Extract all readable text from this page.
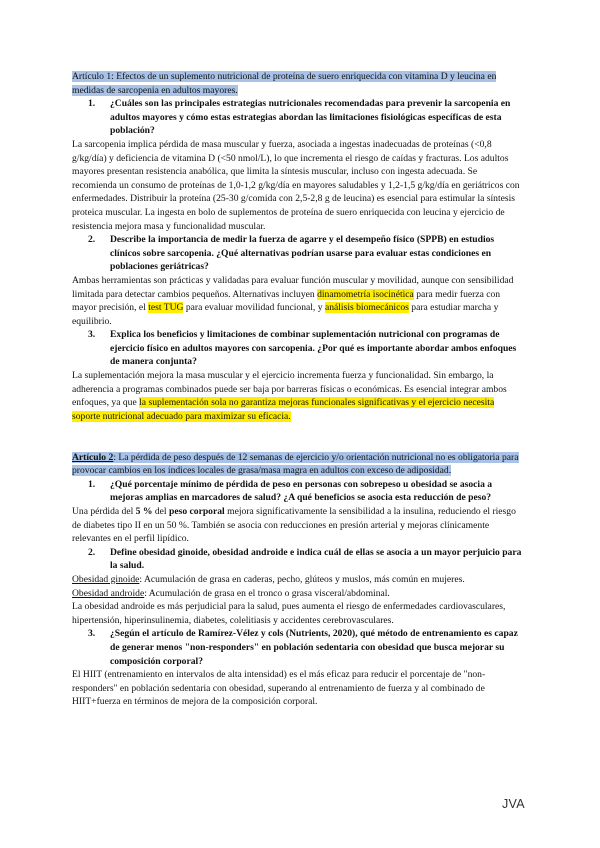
Artículo 1: Efectos de un suplemento nutricional de proteína de suero enriquecida con vitamina D y leucina en medidas de sarcopenia en adultos mayores.

1.	¿Cuáles son las principales estrategias nutricionales recomendadas para prevenir la sarcopenia en adultos mayores y cómo estas estrategias abordan las limitaciones fisiológicas específicas de esta población?

La sarcopenia implica pérdida de masa muscular y fuerza, asociada a ingestas inadecuadas de proteínas (<0,8 g/kg/día) y deficiencia de vitamina D (<50 nmol/L), lo que incrementa el riesgo de caídas y fracturas. Los adultos mayores presentan resistencia anabólica, que limita la síntesis muscular, incluso con ingesta adecuada. Se recomienda un consumo de proteínas de 1,0-1,2 g/kg/día en mayores saludables y 1,2-1,5 g/kg/día en geriátricos con enfermedades. Distribuir la proteína (25-30 g/comida con 2,5-2,8 g de leucina) es esencial para estimular la síntesis proteica muscular. La ingesta en bolo de suplementos de proteína de suero enriquecida con leucina y ejercicio de resistencia mejora masa y funcionalidad muscular.

2.	Describe la importancia de medir la fuerza de agarre y el desempeño físico (SPPB) en estudios clínicos sobre sarcopenia. ¿Qué alternativas podrían usarse para evaluar estas condiciones en poblaciones geriátricas?

Ambas herramientas son prácticas y validadas para evaluar función muscular y movilidad, aunque con sensibilidad limitada para detectar cambios pequeños. Alternativas incluyen dinamometría isocinética para medir fuerza con mayor precisión, el test TUG para evaluar movilidad funcional, y análisis biomecánicos para estudiar marcha y equilibrio.

3.	Explica los beneficios y limitaciones de combinar suplementación nutricional con programas de ejercicio físico en adultos mayores con sarcopenia. ¿Por qué es importante abordar ambos enfoques de manera conjunta?

La suplementación mejora la masa muscular y el ejercicio incrementa fuerza y funcionalidad. Sin embargo, la adherencia a programas combinados puede ser baja por barreras físicas o económicas. Es esencial integrar ambos enfoques, ya que la suplementación sola no garantiza mejoras funcionales significativas y el ejercicio necesita soporte nutricional adecuado para maximizar su eficacia.

Artículo 2: La pérdida de peso después de 12 semanas de ejercicio y/o orientación nutricional no es obligatoria para provocar cambios en los índices locales de grasa/masa magra en adultos con exceso de adiposidad.

1.	¿Qué porcentaje mínimo de pérdida de peso en personas con sobrepeso u obesidad se asocia a mejoras amplias en marcadores de salud? ¿A qué beneficios se asocia esta reducción de peso?

Una pérdida del 5 % del peso corporal mejora significativamente la sensibilidad a la insulina, reduciendo el riesgo de diabetes tipo II en un 50 %. También se asocia con reducciones en presión arterial y mejoras clínicamente relevantes en el perfil lipídico.

2.	Define obesidad ginoide, obesidad androide e indica cuál de ellas se asocia a un mayor perjuicio para la salud.

Obesidad ginoide: Acumulación de grasa en caderas, pecho, glúteos y muslos, más común en mujeres.

Obesidad androide: Acumulación de grasa en el tronco o grasa visceral/abdominal.

La obesidad androide es más perjudicial para la salud, pues aumenta el riesgo de enfermedades cardiovasculares, hipertensión, hiperinsulinemia, diabetes, colelitiasis y accidentes cerebrovasculares.

3.	¿Según el artículo de Ramírez-Vélez y cols (Nutrients, 2020), qué método de entrenamiento es capaz de generar menos "non-responders" en población sedentaria con obesidad que busca mejorar su composición corporal?

El HIIT (entrenamiento en intervalos de alta intensidad) es el más eficaz para reducir el porcentaje de "non-responders" en población sedentaria con obesidad, superando al entrenamiento de fuerza y al combinado de HIIT+fuerza en términos de mejora de la composición corporal.

JVA
